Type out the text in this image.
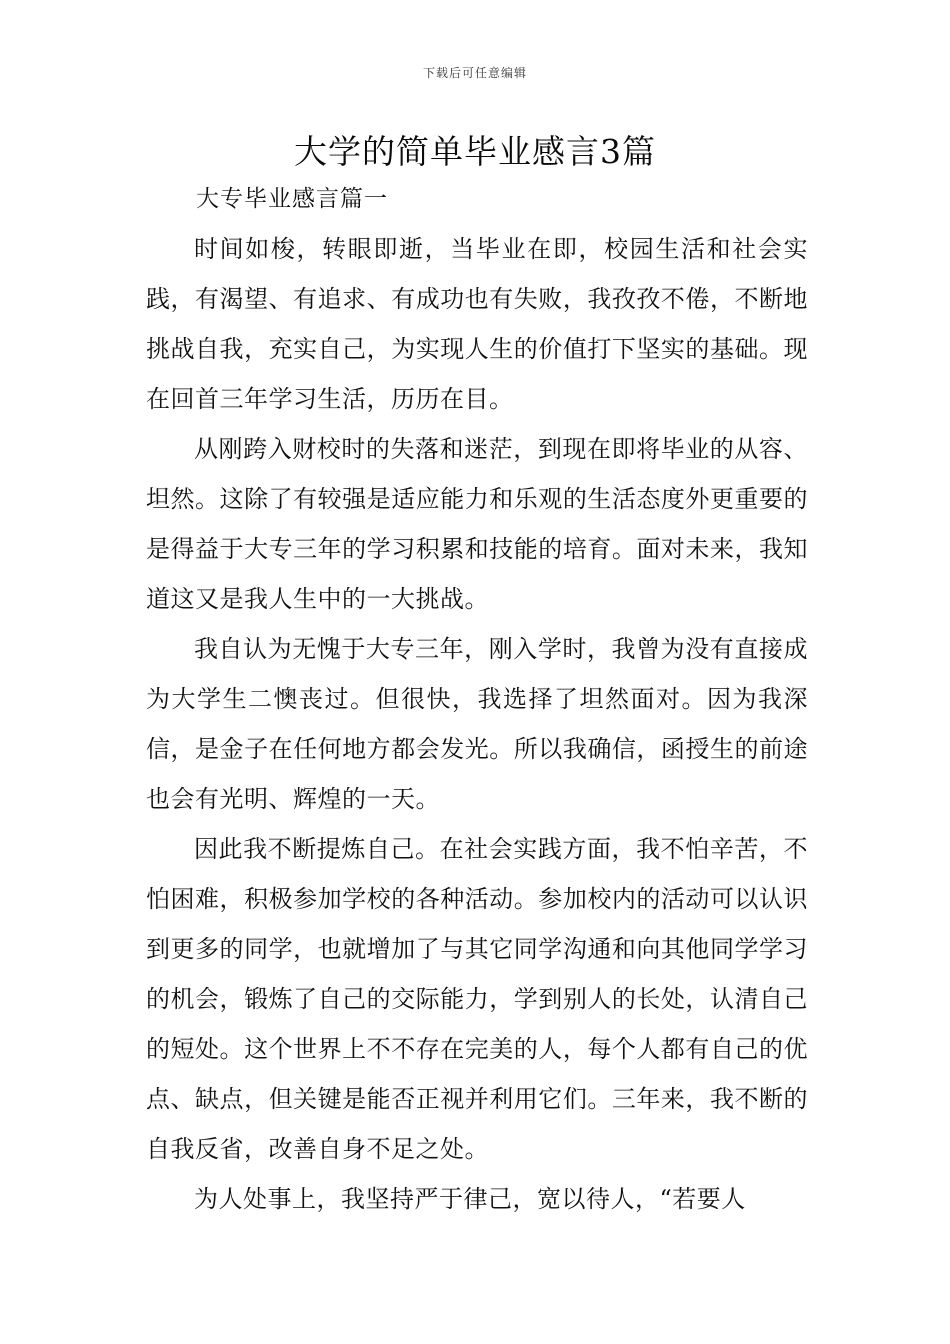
下载后可任意编辑
大学的简单毕业感言3篇
大专毕业感言篇一

时间如梭，转眼即逝，当毕业在即，校园生活和社会实践，有渴望、有追求、有成功也有失败，我孜孜不倦，不断地挑战自我，充实自己，为实现人生的价值打下坚实的基础。现在回首三年学习生活，历历在目。

从刚跨入财校时的失落和迷茫，到现在即将毕业的从容、坦然。这除了有较强是适应能力和乐观的生活态度外更重要的是得益于大专三年的学习积累和技能的培育。面对未来，我知道这又是我人生中的一大挑战。

我自认为无愧于大专三年，刚入学时，我曾为没有直接成为大学生二懊丧过。但很快，我选择了坦然面对。因为我深信，是金子在任何地方都会发光。所以我确信，函授生的前途也会有光明、辉煌的一天。

因此我不断提炼自己。在社会实践方面，我不怕辛苦，不怕困难，积极参加学校的各种活动。参加校内的活动可以认识到更多的同学，也就增加了与其它同学沟通和向其他同学学习的机会，锻炼了自己的交际能力，学到别人的长处，认清自己的短处。这个世界上不不存在完美的人，每个人都有自己的优点、缺点，但关键是能否正视并利用它们。三年来，我不断的自我反省，改善自身不足之处。

为人处事上，我坚持严于律己，宽以待人，“若要人
